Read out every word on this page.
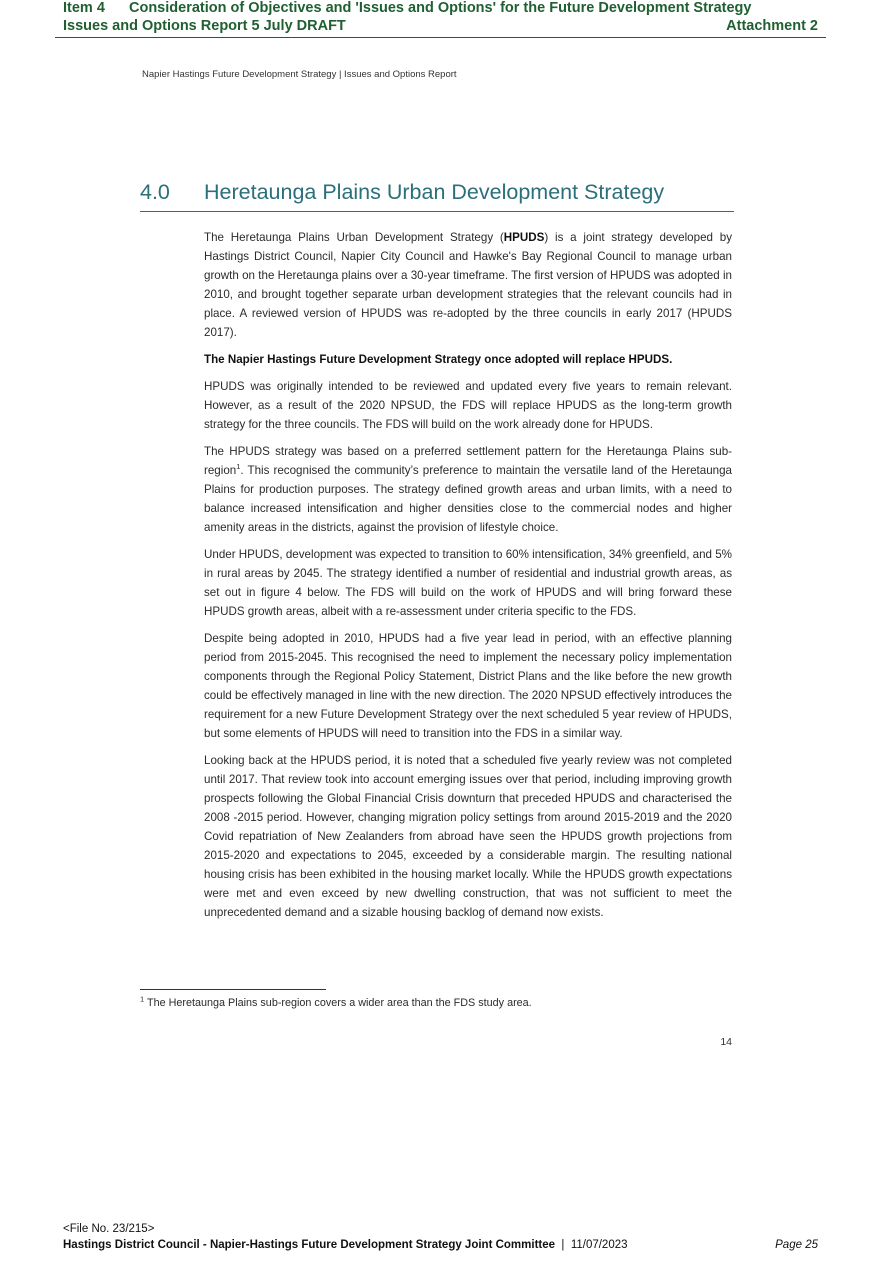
Item 4 Consideration of Objectives and 'Issues and Options' for the Future Development Strategy
Issues and Options Report 5 July DRAFT	Attachment 2
Napier Hastings Future Development Strategy | Issues and Options Report
4.0 Heretaunga Plains Urban Development Strategy

The Heretaunga Plains Urban Development Strategy (HPUDS) is a joint strategy developed by Hastings District Council, Napier City Council and Hawke's Bay Regional Council to manage urban growth on the Heretaunga plains over a 30-year timeframe. The first version of HPUDS was adopted in 2010, and brought together separate urban development strategies that the relevant councils had in place. A reviewed version of HPUDS was re-adopted by the three councils in early 2017 (HPUDS 2017).

The Napier Hastings Future Development Strategy once adopted will replace HPUDS.

HPUDS was originally intended to be reviewed and updated every five years to remain relevant. However, as a result of the 2020 NPSUD, the FDS will replace HPUDS as the long-term growth strategy for the three councils. The FDS will build on the work already done for HPUDS.

The HPUDS strategy was based on a preferred settlement pattern for the Heretaunga Plains sub-region$^1$. This recognised the community’s preference to maintain the versatile land of the Heretaunga Plains for production purposes. The strategy defined growth areas and urban limits, with a need to balance increased intensification and higher densities close to the commercial nodes and higher amenity areas in the districts, against the provision of lifestyle choice.

Under HPUDS, development was expected to transition to 60% intensification, 34% greenfield, and 5% in rural areas by 2045. The strategy identified a number of residential and industrial growth areas, as set out in figure 4 below. The FDS will build on the work of HPUDS and will bring forward these HPUDS growth areas, albeit with a re-assessment under criteria specific to the FDS.

Despite being adopted in 2010, HPUDS had a five year lead in period, with an effective planning period from 2015-2045. This recognised the need to implement the necessary policy implementation components through the Regional Policy Statement, District Plans and the like before the new growth could be effectively managed in line with the new direction. The 2020 NPSUD effectively introduces the requirement for a new Future Development Strategy over the next scheduled 5 year review of HPUDS, but some elements of HPUDS will need to transition into the FDS in a similar way.

Looking back at the HPUDS period, it is noted that a scheduled five yearly review was not completed until 2017. That review took into account emerging issues over that period, including improving growth prospects following the Global Financial Crisis downturn that preceded HPUDS and characterised the 2008 -2015 period. However, changing migration policy settings from around 2015-2019 and the 2020 Covid repatriation of New Zealanders from abroad have seen the HPUDS growth projections from 2015-2020 and expectations to 2045, exceeded by a considerable margin. The resulting national housing crisis has been exhibited in the housing market locally. While the HPUDS growth expectations were met and even exceed by new dwelling construction, that was not sufficient to meet the unprecedented demand and a sizable housing backlog of demand now exists.

$^1$ The Heretaunga Plains sub-region covers a wider area than the FDS study area.
14
<File No. 23/215>
Hastings District Council - Napier-Hastings Future Development Strategy Joint Committee  |  11/07/2023	Page 25
